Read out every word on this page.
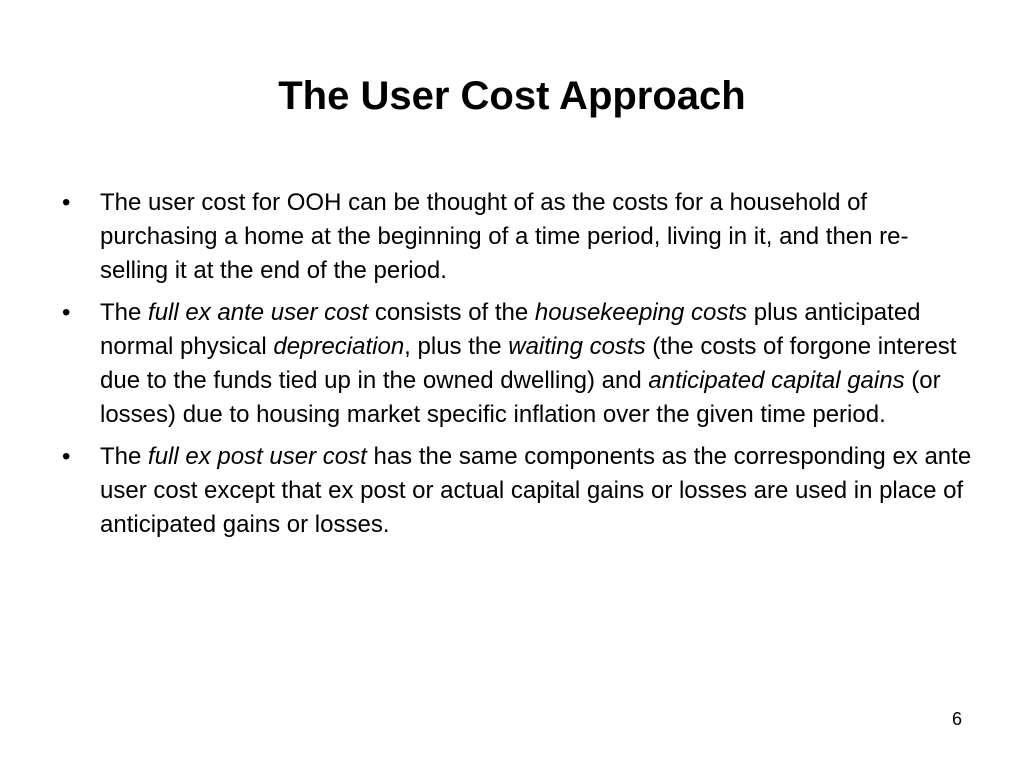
The User Cost Approach
• The user cost for OOH can be thought of as the costs for a household of purchasing a home at the beginning of a time period, living in it, and then re-selling it at the end of the period.
• The full ex ante user cost consists of the housekeeping costs plus anticipated normal physical depreciation, plus the waiting costs (the costs of forgone interest due to the funds tied up in the owned dwelling) and anticipated capital gains (or losses) due to housing market specific inflation over the given time period.
• The full ex post user cost has the same components as the corresponding ex ante user cost except that ex post or actual capital gains or losses are used in place of anticipated gains or losses.
6
